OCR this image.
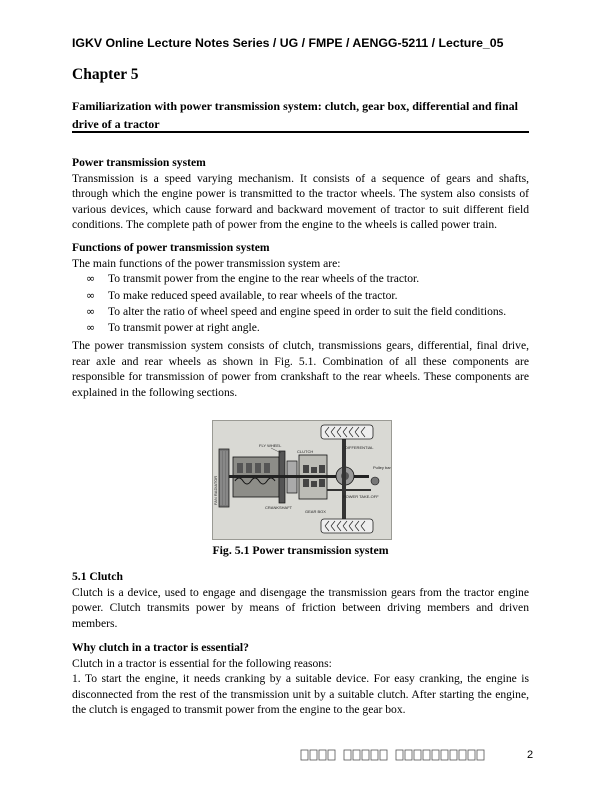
IGKV Online Lecture Notes Series / UG / FMPE / AENGG-5211 / Lecture_05
Chapter 5
Familiarization with power transmission system: clutch, gear box, differential and final drive of a tractor
Power transmission system
Transmission is a speed varying mechanism. It consists of a sequence of gears and shafts,
through which the engine power is transmitted to the tractor wheels. The system also consists of
various devices, which cause forward and backward movement of tractor to suit different field
conditions. The complete path of power from the engine to the wheels is called power train.
Functions of power transmission system
The main functions of the power transmission system are:
∞ To transmit power from the engine to the rear wheels of the tractor.
∞ To make reduced speed available, to rear wheels of the tractor.
∞ To alter the ratio of wheel speed and engine speed in order to suit the field conditions.
∞ To transmit power at right angle.
The power transmission system consists of clutch, transmissions gears, differential, final drive,
rear axle and rear wheels as shown in Fig. 5.1. Combination of all these components are
responsible for transmission of power from crankshaft to the rear wheels. These components are
explained in the following sections.
FLY WHEEL
CLUTCH
DIFFERENTIAL
CRANKSHAFT
GEAR BOX
POWER TAKE-OFF
Pulley bar
FAN RADIATOR
Fig. 5.1 Power transmission system
5.1 Clutch
Clutch is a device, used to engage and disengage the transmission gears from the tractor engine
power. Clutch transmits power by means of friction between driving members and driven
members.
Why clutch in a tractor is essential?
Clutch in a tractor is essential for the following reasons:
1. To start the engine, it needs cranking by a suitable device. For easy cranking, the engine is
disconnected from the rest of the transmission unit by a suitable clutch. After starting the engine,
the clutch is engaged to transmit power from the engine to the gear box.
2
